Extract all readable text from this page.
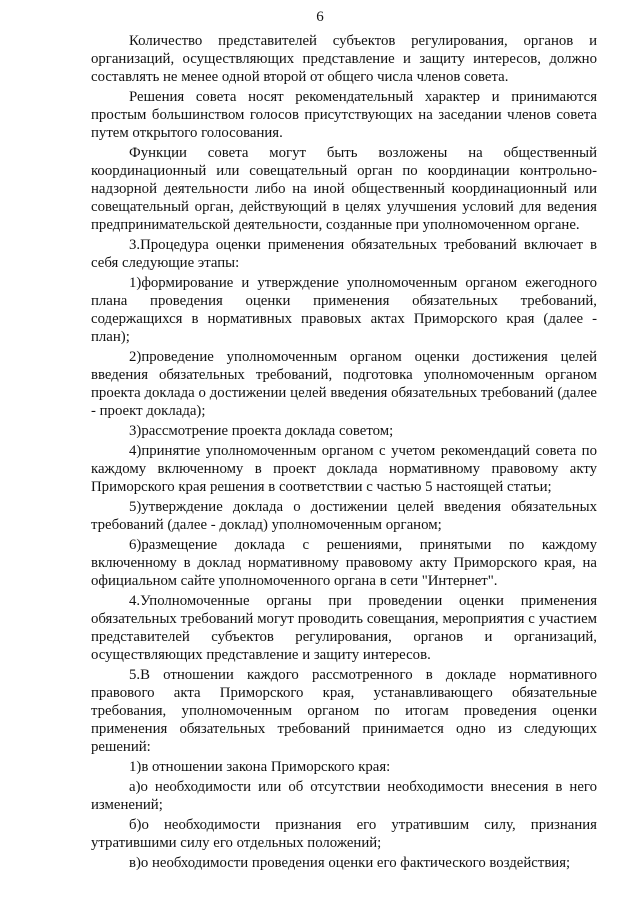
6

Количество представителей субъектов регулирования, органов и организаций, осуществляющих представление и защиту интересов, должно составлять не менее одной второй от общего числа членов совета.

Решения совета носят рекомендательный характер и принимаются простым большинством голосов присутствующих на заседании членов совета путем открытого голосования.

Функции совета могут быть возложены на общественный координационный или совещательный орган по координации контрольно-надзорной деятельности либо на иной общественный координационный или совещательный орган, действующий в целях улучшения условий для ведения предпринимательской деятельности, созданные при уполномоченном органе.

3.Процедура оценки применения обязательных требований включает в себя следующие этапы:

1)формирование и утверждение уполномоченным органом ежегодного плана проведения оценки применения обязательных требований, содержащихся в нормативных правовых актах Приморского края (далее - план);

2)проведение уполномоченным органом оценки достижения целей введения обязательных требований, подготовка уполномоченным органом проекта доклада о достижении целей введения обязательных требований (далее - проект доклада);

3)рассмотрение проекта доклада советом;

4)принятие уполномоченным органом с учетом рекомендаций совета по каждому включенному в проект доклада нормативному правовому акту Приморского края решения в соответствии с частью 5 настоящей статьи;

5)утверждение доклада о достижении целей введения обязательных требований (далее - доклад) уполномоченным органом;

6)размещение доклада с решениями, принятыми по каждому включенному в доклад нормативному правовому акту Приморского края, на официальном сайте уполномоченного органа в сети "Интернет".

4.Уполномоченные органы при проведении оценки применения обязательных требований могут проводить совещания, мероприятия с участием представителей субъектов регулирования, органов и организаций, осуществляющих представление и защиту интересов.

5.В отношении каждого рассмотренного в докладе нормативного правового акта Приморского края, устанавливающего обязательные требования, уполномоченным органом по итогам проведения оценки применения обязательных требований принимается одно из следующих решений:

1)в отношении закона Приморского края:

а)о необходимости или об отсутствии необходимости внесения в него изменений;

б)о необходимости признания его утратившим силу, признания утратившими силу его отдельных положений;

в)о необходимости проведения оценки его фактического воздействия;
